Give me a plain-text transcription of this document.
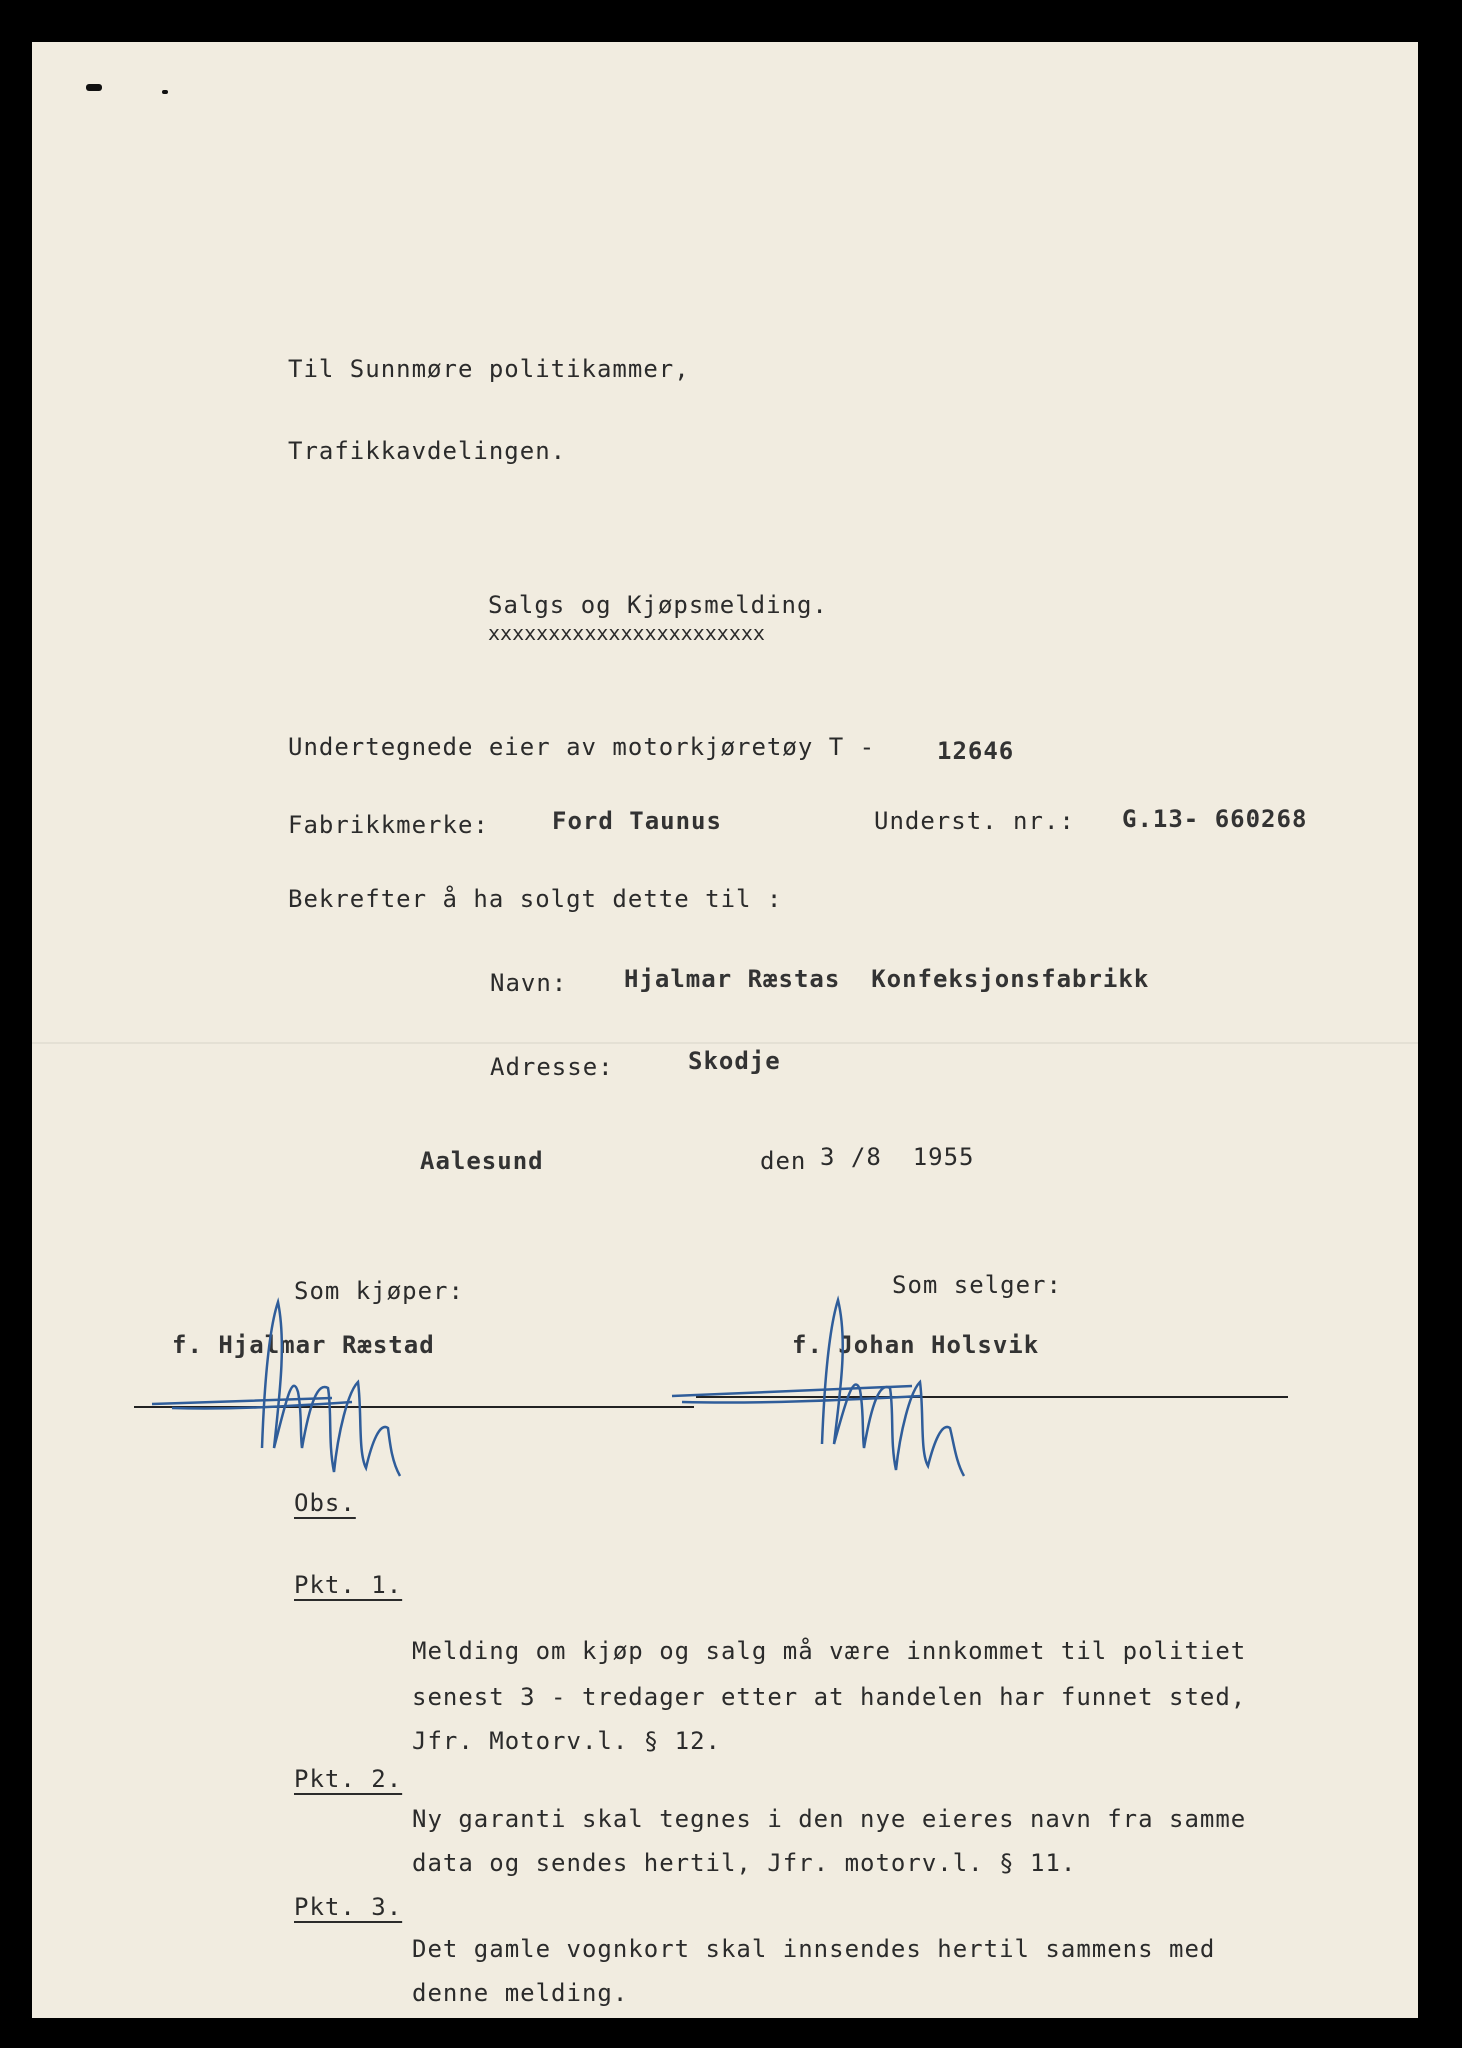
Til Sunnmøre politikammer,
Trafikkavdelingen.
Salgs og Kjøpsmelding.
xxxxxxxxxxxxxxxxxxxxxxx
Undertegnede eier av motorkjøretøy T -	12646
Fabrikkmerke:	Ford Taunus	Underst. nr.: G.13- 660268
Bekrefter å ha solgt dette til :
Navn: Hjalmar Ræstas  Konfeksjonsfabrikk
Adresse:	Skodje
Aalesund	den 3 /8  1955
Som kjøper:	Som selger:
f. Hjalmar Ræstad	f. Johan Holsvik
Obs.
Pkt. 1.
Melding om kjøp og salg må være innkommet til politiet
senest 3 - tredager etter at handelen har funnet sted,
Jfr. Motorv.l. § 12.
Pkt. 2.
Ny garanti skal tegnes i den nye eieres navn fra samme
data og sendes hertil, Jfr. motorv.l. § 11.
Pkt. 3.
Det gamle vognkort skal innsendes hertil sammens med
denne melding.
